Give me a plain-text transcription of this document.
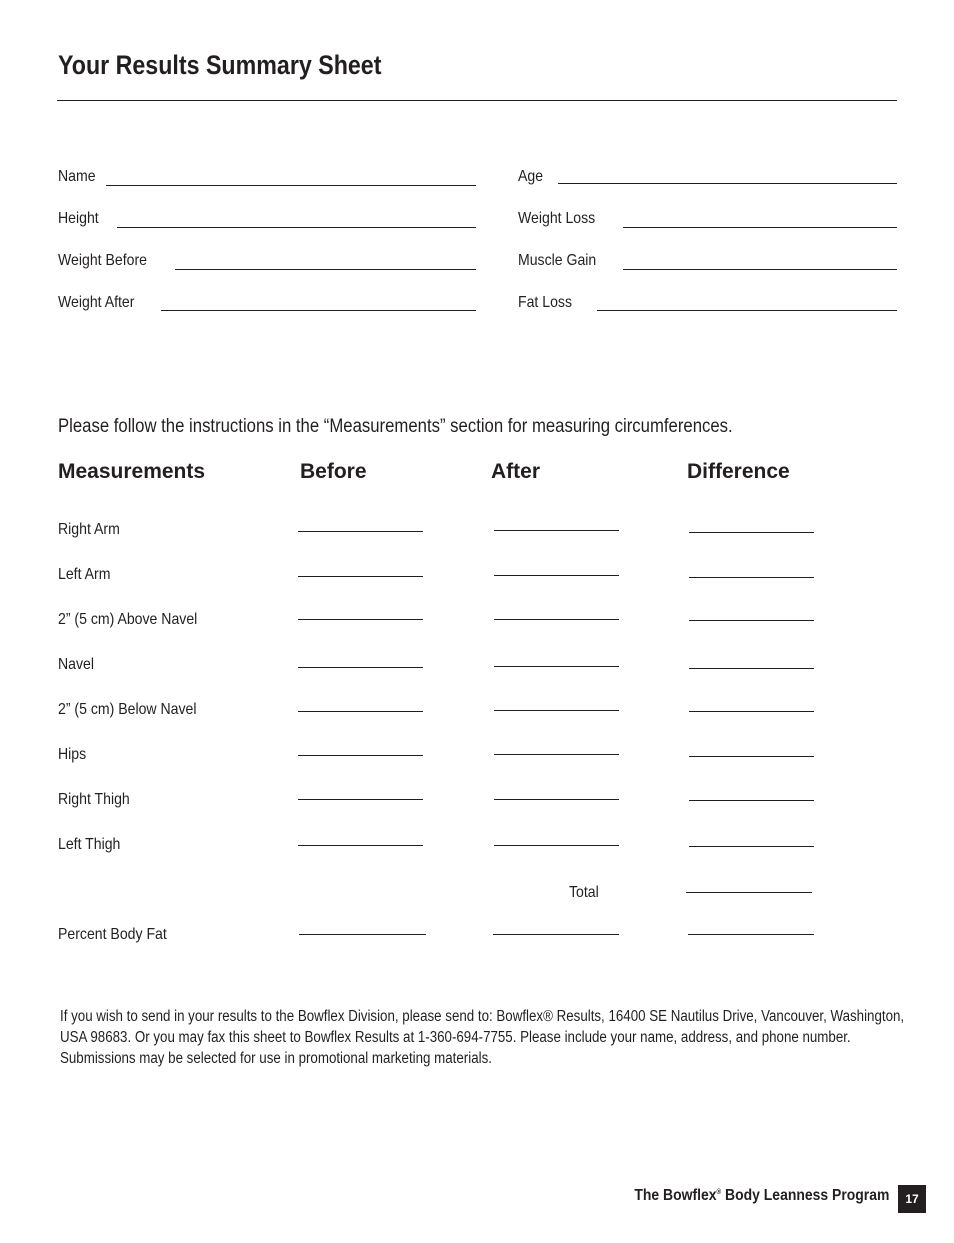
Your Results Summary Sheet
Name
Height
Weight Before
Weight After
Age
Weight Loss
Muscle Gain
Fat Loss
Please follow the instructions in the “Measurements” section for measuring circumferences.
Measurements	Before	After	Difference
Right Arm
Left Arm
2” (5 cm) Above Navel
Navel
2” (5 cm) Below Navel
Hips
Right Thigh
Left Thigh
Total
Percent Body Fat
If you wish to send in your results to the Bowflex Division, please send to: Bowflex® Results, 16400 SE Nautilus Drive, Vancouver, Washington, USA 98683. Or you may fax this sheet to Bowflex Results at 1-360-694-7755. Please include your name, address, and phone number. Submissions may be selected for use in promotional marketing materials.
The Bowflex® Body Leanness Program	17
